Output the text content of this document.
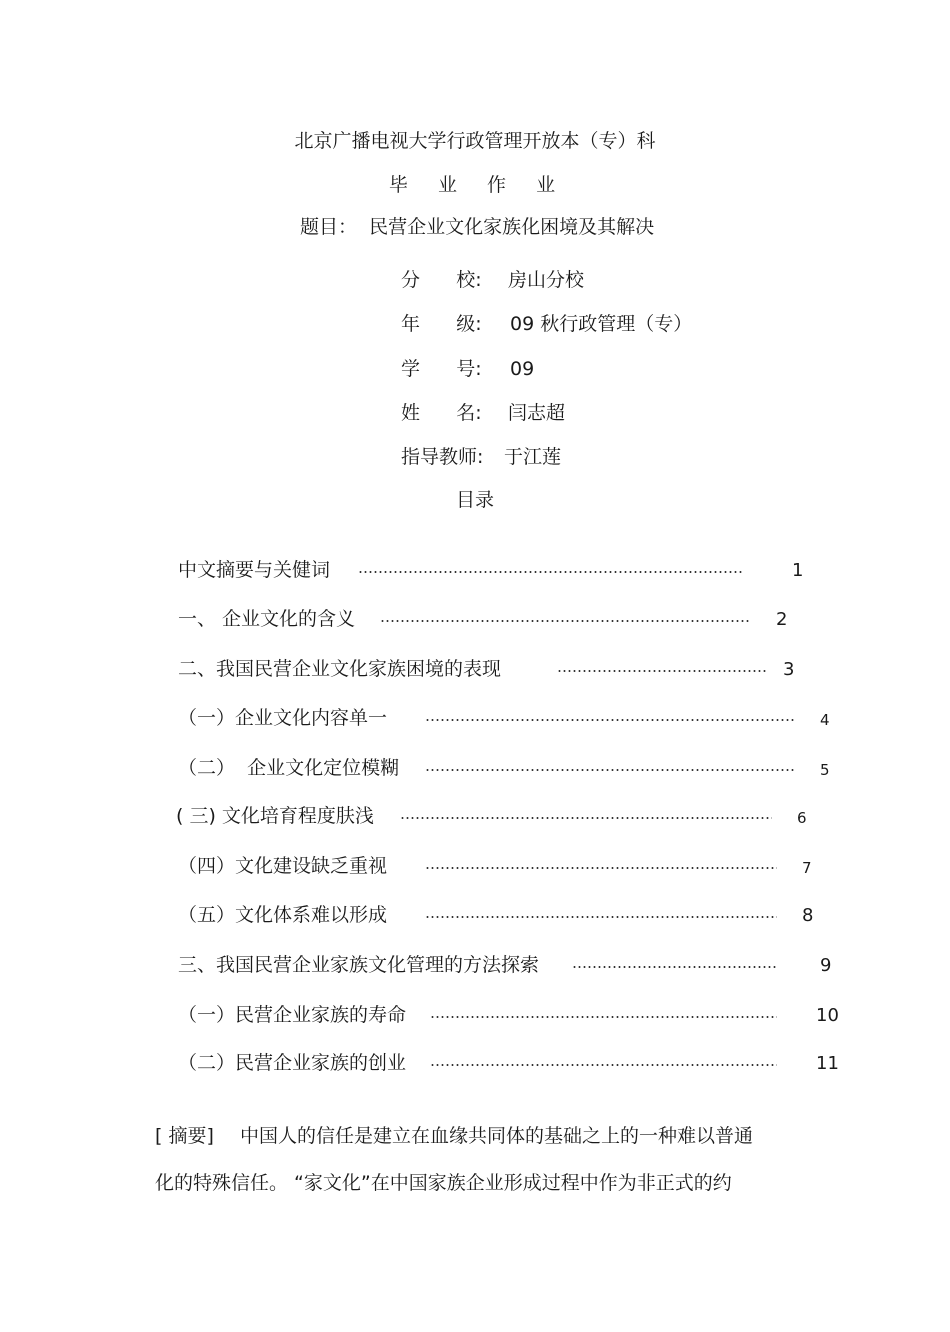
北京广播电视大学行政管理开放本（专）科
毕  业  作  业
题目：  民营企业文化家族化困境及其解决
分      校: 房山分校
年      级: 09 秋行政管理（专）
学      号: 09
姓      名: 闫志超
指导教师: 于江莲
目录
中文摘要与关健词	1
一、 企业文化的含义	2
二、我国民营企业文化家族困境的表现	3
（一）企业文化内容单一	4
（二）  企业文化定位模糊	5
( 三) 文化培育程度肤浅	6
（四）文化建设缺乏重视	7
（五）文化体系难以形成	8
三、我国民营企业家族文化管理的方法探索	9
（一）民营企业家族的寿命	10
（二）民营企业家族的创业	11
[ 摘要] 中国人的信任是建立在血缘共同体的基础之上的一种难以普通
化的特殊信任。 “家文化”在中国家族企业形成过程中作为非正式的约
